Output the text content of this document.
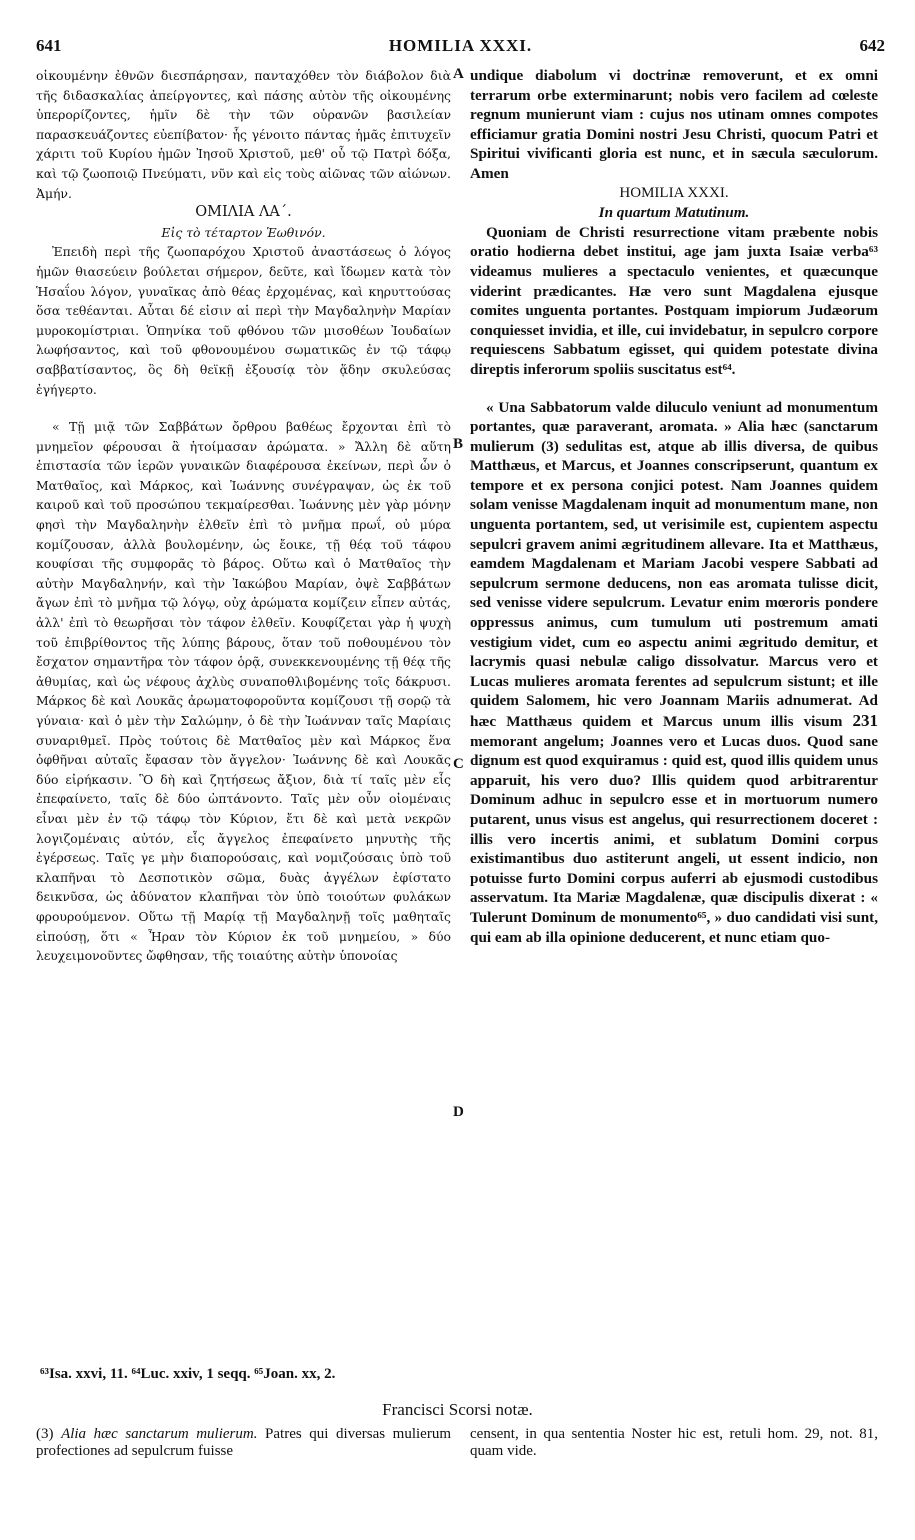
641	HOMILIA XXXI.	642

οἰκουμένην ἐθνῶν διεσπάρησαν, πανταχόθεν τὸν διάβολον διὰ τῆς διδασκαλίας ἀπείργοντες, καὶ πάσης αὐτὸν τῆς οἰκουμένης ὑπερορίζοντες, ἡμῖν δὲ τὴν τῶν οὐρανῶν βασιλείαν παρασκευάζοντες εὐεπίβατον· ἧς γένοιτο πάντας ἡμᾶς ἐπιτυχεῖν χάριτι τοῦ Κυρίου ἡμῶν Ἰησοῦ Χριστοῦ, μεθ' οὗ τῷ Πατρὶ δόξα, καὶ τῷ ζωοποιῷ Πνεύματι, νῦν καὶ εἰς τοὺς αἰῶνας τῶν αἰώνων. Ἀμήν.

ΟΜΙΛΙΑ ΛΑ΄.

Εἰς τὸ τέταρτον Ἑωθινόν.

Ἐπειδὴ περὶ τῆς ζωοπαρόχου Χριστοῦ ἀναστάσεως ὁ λόγος ἡμῶν θιασεύειν βούλεται σήμερον, δεῦτε, καὶ ἴδωμεν κατὰ τὸν Ἡσαΐου λόγον, γυναῖκας ἀπὸ θέας ἐρχομένας, καὶ κηρυττούσας ὅσα τεθέανται. Αὗται δέ εἰσιν αἱ περὶ τὴν Μαγδαληνὴν Μαρίαν μυροκομίστριαι. Ὁπηνίκα τοῦ φθόνου τῶν μισοθέων Ἰουδαίων λωφήσαντος, καὶ τοῦ φθονουμένου σωματικῶς ἐν τῷ τάφῳ σαββατίσαντος, ὃς δὴ θεϊκῇ ἐξουσίᾳ τὸν ᾅδην σκυλεύσας ἐγήγερτο.

« Τῇ μιᾷ τῶν Σαββάτων ὄρθρου βαθέως ἔρχονται ἐπὶ τὸ μνημεῖον φέρουσαι ἃ ἡτοίμασαν ἀρώματα. » Ἄλλη δὲ αὕτη ἐπιστασία τῶν ἱερῶν γυναικῶν διαφέρουσα ἐκείνων, περὶ ὧν ὁ Ματθαῖος, καὶ Μάρκος, καὶ Ἰωάννης συνέγραψαν, ὡς ἐκ τοῦ καιροῦ καὶ τοῦ προσώπου τεκμαίρεσθαι. Ἰωάννης μὲν γὰρ μόνην φησὶ τὴν Μαγδαληνὴν ἐλθεῖν ἐπὶ τὸ μνῆμα πρωΐ, οὐ μύρα κομίζουσαν, ἀλλὰ βουλομένην, ὡς ἔοικε, τῇ θέᾳ τοῦ τάφου κουφίσαι τῆς συμφορᾶς τὸ βάρος. Οὕτω καὶ ὁ Ματθαῖος τὴν αὐτὴν Μαγδαληνήν, καὶ τὴν Ἰακώβου Μαρίαν, ὀψὲ Σαββάτων ἄγων ἐπὶ τὸ μνῆμα τῷ λόγῳ, οὐχ ἀρώματα κομίζειν εἶπεν αὐτάς, ἀλλ' ἐπὶ τὸ θεωρῆσαι τὸν τάφον ἐλθεῖν. Κουφίζεται γὰρ ἡ ψυχὴ τοῦ ἐπιβρίθοντος τῆς λύπης βάρους, ὅταν τοῦ ποθουμένου τὸν ἔσχατον σημαντῆρα τὸν τάφον ὁρᾷ, συνεκκενουμένης τῇ θέᾳ τῆς ἀθυμίας, καὶ ὡς νέφους ἀχλὺς συναποθλιβομένης τοῖς δάκρυσι. Μάρκος δὲ καὶ Λουκᾶς ἀρωματοφοροῦντα κομίζουσι τῇ σορῷ τὰ γύναια· καὶ ὁ μὲν τὴν Σαλώμην, ὁ δὲ τὴν Ἰωάνναν ταῖς Μαρίαις συναριθμεῖ. Πρὸς τούτοις δὲ Ματθαῖος μὲν καὶ Μάρκος ἕνα ὀφθῆναι αὐταῖς ἔφασαν τὸν ἄγγελον· Ἰωάννης δὲ καὶ Λουκᾶς δύο εἰρήκασιν. Ὃ δὴ καὶ ζητήσεως ἄξιον, διὰ τί ταῖς μὲν εἷς ἐπεφαίνετο, ταῖς δὲ δύο ὠπτάνοντο. Ταῖς μὲν οὖν οἰομέναις εἶναι μὲν ἐν τῷ τάφῳ τὸν Κύριον, ἔτι δὲ καὶ μετὰ νεκρῶν λογιζομέναις αὐτόν, εἷς ἄγγελος ἐπεφαίνετο μηνυτὴς τῆς ἐγέρσεως. Ταῖς γε μὴν διαπορούσαις, καὶ νομιζούσαις ὑπὸ τοῦ κλαπῆναι τὸ Δεσποτικὸν σῶμα, δυὰς ἀγγέλων ἐφίστατο δεικνῦσα, ὡς ἀδύνατον κλαπῆναι τὸν ὑπὸ τοιούτων φυλάκων φρουρούμενον. Οὕτω τῇ Μαρίᾳ τῇ Μαγδαληνῇ τοῖς μαθηταῖς εἰπούσῃ, ὅτι « Ἦραν τὸν Κύριον ἐκ τοῦ μνημείου, » δύο λευχειμονοῦντες ὤφθησαν, τῆς τοιαύτης αὐτὴν ὑπονοίας

undique diabolum vi doctrinæ removerunt, et ex omni terrarum orbe exterminarunt; nobis vero facilem ad cœleste regnum munierunt viam : cujus nos utinam omnes compotes efficiamur gratia Domini nostri Jesu Christi, quocum Patri et Spiritui vivificanti gloria est nunc, et in sæcula sæculorum. Amen

HOMILIA XXXI.

In quartum Matutinum.

Quoniam de Christi resurrectione vitam præbente nobis oratio hodierna debet institui, age jam juxta Isaiæ verba⁶³ videamus mulieres a spectaculo venientes, et quæcunque viderint prædicantes. Hæ vero sunt Magdalena ejusque comites unguenta portantes. Postquam impiorum Judæorum conquiesset invidia, et ille, cui invidebatur, in sepulcro corpore requiescens Sabbatum egisset, qui quidem potestate divina direptis inferorum spoliis suscitatus est⁶⁴.

« Una Sabbatorum valde diluculo veniunt ad monumentum portantes, quæ paraverant, aromata. » Alia hæc (sanctarum mulierum (3) sedulitas est, atque ab illis diversa, de quibus Matthæus, et Marcus, et Joannes conscripserunt, quantum ex tempore et ex persona conjici potest. Nam Joannes quidem solam venisse Magdalenam inquit ad monumentum mane, non unguenta portantem, sed, ut verisimile est, cupientem aspectu sepulcri gravem animi ægritudinem allevare. Ita et Matthæus, eamdem Magdalenam et Mariam Jacobi vespere Sabbati ad sepulcrum sermone deducens, non eas aromata tulisse dicit, sed venisse videre sepulcrum. Levatur enim mœroris pondere oppressus animus, cum tumulum uti postremum amati vestigium videt, cum eo aspectu animi ægritudo demitur, et lacrymis quasi nebulæ caligo dissolvatur. Marcus vero et Lucas mulieres aromata ferentes ad sepulcrum sistunt; et ille quidem Salomem, hic vero Joannam Mariis adnumerat. Ad hæc Matthæus quidem et Marcus unum illis visum 231 memorant angelum; Joannes vero et Lucas duos. Quod sane dignum est quod exquiramus : quid est, quod illis quidem unus apparuit, his vero duo? Illis quidem quod arbitrarentur Dominum adhuc in sepulcro esse et in mortuorum numero putarent, unus visus est angelus, qui resurrectionem doceret : illis vero incertis animi, et sublatum Domini corpus existimantibus duo astiterunt angeli, ut essent indicio, non potuisse furto Domini corpus auferri ab ejusmodi custodibus asservatum. Ita Mariæ Magdalenæ, quæ discipulis dixerat : « Tulerunt Dominum de monumento⁶⁵, » duo candidati visi sunt, qui eam ab illa opinione deducerent, et nunc etiam quo-

A
B
C
D
⁶³Isa. xxvi, 11. ⁶⁴Luc. xxiv, 1 seqq. ⁶⁵Joan. xx, 2.
Francisci Scorsi notæ.
(3) Alia hæc sanctarum mulierum. Patres qui diversas mulierum profectiones ad sepulcrum fuisse
censent, in qua sententia Noster hic est, retuli hom. 29, not. 81, quam vide.
